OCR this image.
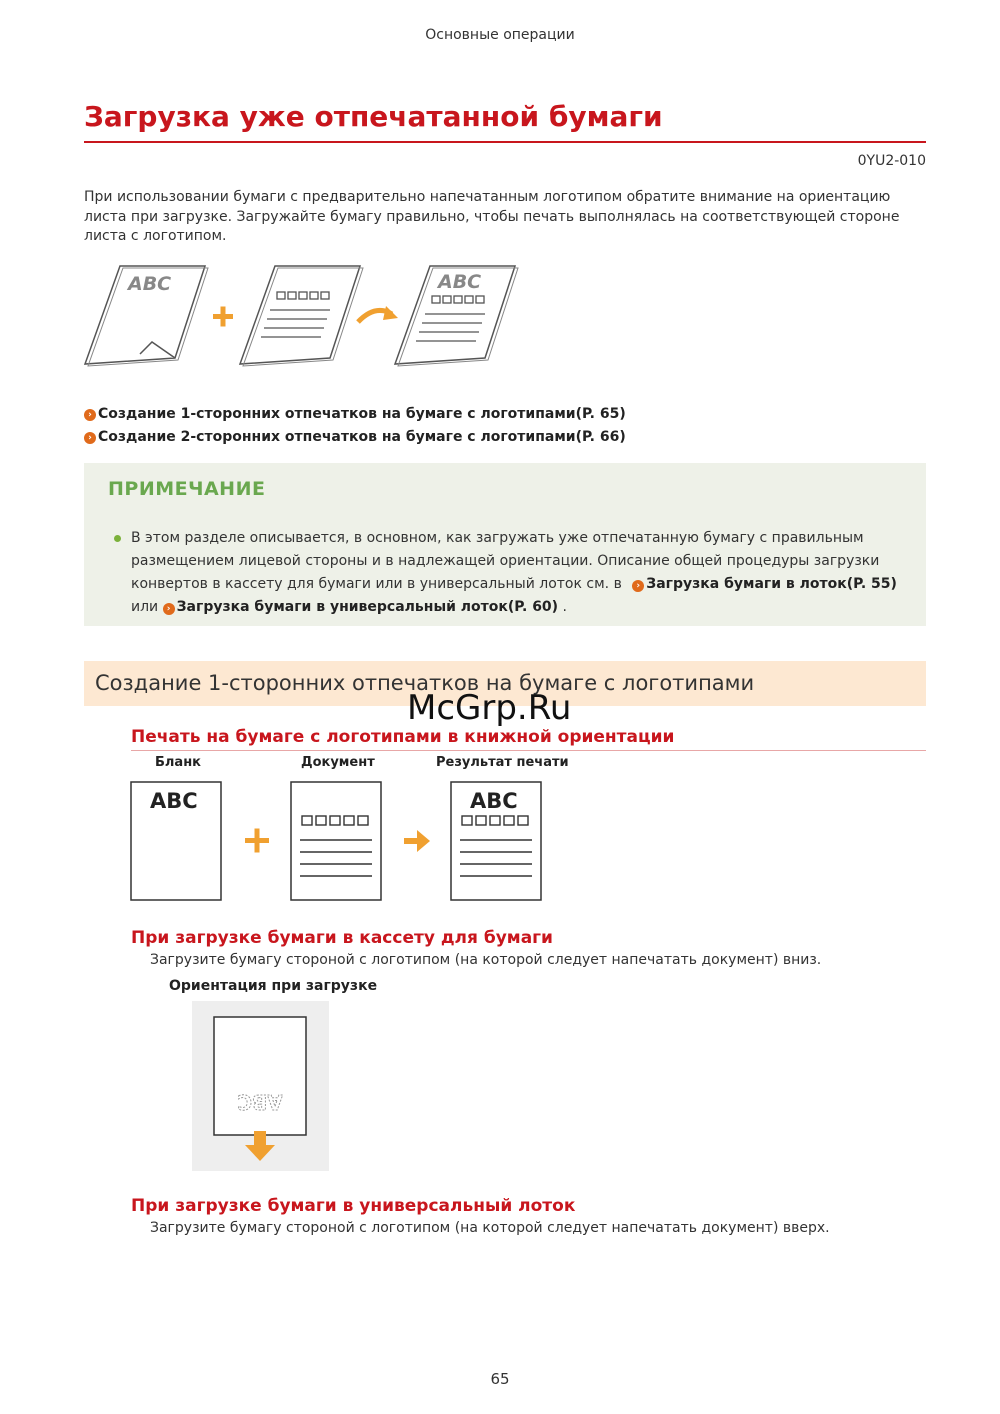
Основные операции
Загрузка уже отпечатанной бумаги
0YU2-010
При использовании бумаги с предварительно напечатанным логотипом обратите внимание на ориентацию листа при загрузке. Загружайте бумагу правильно, чтобы печать выполнялась на соответствующей стороне листа с логотипом.
ABC	ABC
› Создание 1-сторонних отпечатков на бумаге с логотипами(P. 65)
› Создание 2-сторонних отпечатков на бумаге с логотипами(P. 66)
ПРИМЕЧАНИЕ
В этом разделе описывается, в основном, как загружать уже отпечатанную бумагу с правильным размещением лицевой стороны и в надлежащей ориентации. Описание общей процедуры загрузки конвертов в кассету для бумаги или в универсальный лоток см. в › Загрузка бумаги в лоток(P. 55)
или › Загрузка бумаги в универсальный лоток(P. 60) .
Создание 1-сторонних отпечатков на бумаге с логотипами
McGrp.Ru
Печать на бумаге с логотипами в книжной ориентации
Бланк	Документ	Результат печати
ABC	ABC
При загрузке бумаги в кассету для бумаги
Загрузите бумагу стороной с логотипом (на которой следует напечатать документ) вниз.
Ориентация при загрузке
ABC
При загрузке бумаги в универсальный лоток
Загрузите бумагу стороной с логотипом (на которой следует напечатать документ) вверх.
65
